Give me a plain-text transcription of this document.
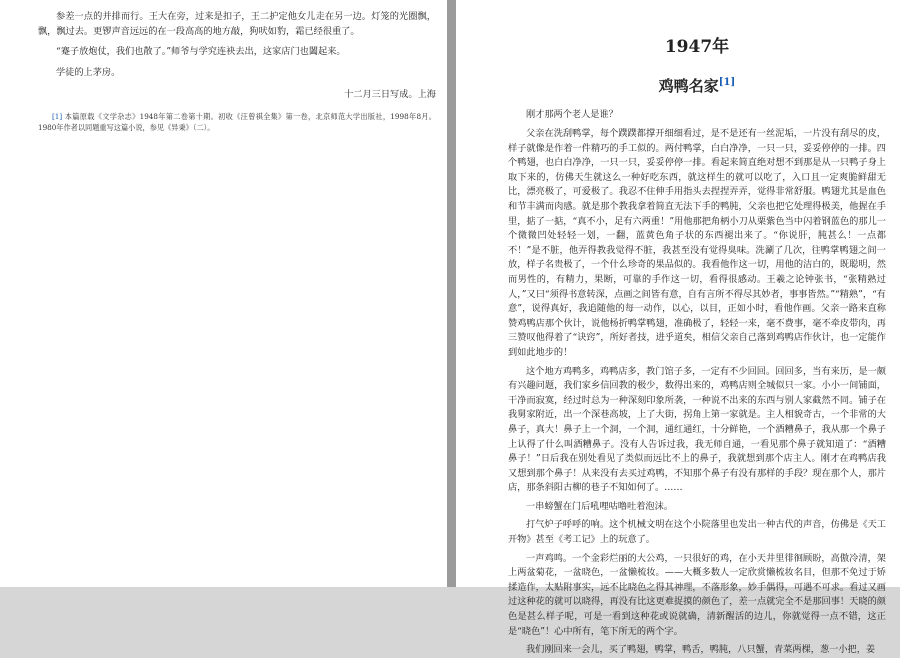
参差一点的并排而行。王大在旁，过来是扣子，王二护定他女儿走在另一边。灯笼的光圈飘，飘，飘过去。更锣声音远远的在一段高高的地方敲，狗吠如豹，霜已经很重了。

“蹇子放炮仗，我们也散了。”师爷与学究连袂去出，这家店门也闔起来。

学徒的上茅房。

十二月三日写成。上海

[1] 本篇原载《文学杂志》1948年第二卷第十期。初收《汪曾祺全集》第一卷，北京师范大学出版社，1998年8月。1980年作者以同题重写这篇小说，参见《异秉》（二）。

1947年
鸡鸭名家[1]

刚才那两个老人是谁？

父亲在洗刮鸭掌，每个蹼蹼都撑开细细看过，是不是还有一丝泥垢，一片没有刮尽的皮，样子就像是作着一件精巧的手工似的。两付鸭掌，白白净净，一只一只，妥妥停停的一排。四个鸭翅，也白白净净，一只一只，妥妥停停一排。看起来简直绝对想不到那是从一只鸭子身上取下来的，仿佛天生就这么一种好吃东西，就这样生的就可以吃了，入口且一定爽脆鲜甜无比，漂亮极了，可爱极了。我忍不住伸手用指头去捏捏弄弄，觉得非常舒服。鸭翅尤其是血色和节丰满而肉感。就是那个教我拿着简直无法下手的鸭肫，父亲也把它处理得极美，他握在手里，掂了一掂，“真不小，足有六两重！”用他那把角柄小刀从栗紫色当中闪着钢蓝色的那儿一个微微凹处轻轻一划，一翻，蓝黄色角子状的东西褪出来了。“你说肝，肫甚么！一点都不！”是不脏，他弄得教我觉得不脏，我甚至没有觉得臭味。洗涮了几次，往鸭掌鸭翅之间一放，样子名贵极了，一个什么珍奇的果品似的。我看他作这一切，用他的洁白的，既聪明，然而男性的，有精力，果断，可靠的手作这一切，看得很感动。王羲之论钟张书，“张精熟过人，”又曰“须得书意转深，点画之间皆有意，自有言所不得尽其妙者，事事皆然。”“精熟”，“有意”，说得真好，我追随他的每一动作，以心，以目，正如小时，看他作画。父亲一路来直称赞鸡鸭店那个伙计，说他杨折鸭掌鸭翅，准确极了，轻轻一来，毫不费事，毫不牵皮带肉，再三赞叹他得着了“诀窍”，所好者技，进乎道矣，相信父亲自己落到鸡鸭店作伙计，也一定能作到如此地步的！

这个地方鸡鸭多，鸡鸭店多，教门馆子多，一定有不少回回。回回多，当有来历，是一颇有兴趣问题，我们家乡信回教的极少，数得出来的，鸡鸭店则全城似只一家。小小一间铺面，干净而寂寞，经过时总为一种深刻印象所袭，一种说不出来的东西与别人家截然不同。铺子在我舅家附近，出一个深巷高坡，上了大街，拐角上第一家就是。主人相貌奇古，一个非常的大鼻子，真大！鼻子上一个洞，一个洞，通红通红，十分鲜艳，一个酒糟鼻子，我从那一个鼻子上认得了什么叫酒糟鼻子。没有人告诉过我，我无师自通，一看见那个鼻子就知道了：“酒糟鼻子！”日后我在别处看见了类似而远比不上的鼻子，我就想到那个店主人。刚才在鸡鸭店我又想到那个鼻子！从来没有去买过鸡鸭，不知那个鼻子有没有那样的手段？现在那个人，那片店，那条斜阳古柳的巷子不知如何了。……

一串螃蟹在门后吼哩咕噜吐着泡沫。

打气炉子呼呼的响。这个机械文明在这个小院落里也发出一种古代的声音，仿佛是《天工开物》甚至《考工记》上的玩意了。

一声鸡鸣。一个金彩烂丽的大公鸡，一只很好的鸡，在小天井里徘徊顾盼，高傲冷清，架上两盆菊花，一盆晓色，一盆懒梳妆。——大概多数人一定欣赏懒梳妆名目，但那不免过于矫揉造作，太贴附事实，远不比晓色之得其神理，不落形象，妙手偶得，可遇不可求。看过又画过这种花的就可以晓得，再没有比这更难捉摸的颜色了，差一点就完全不是那回事！天晓的颜色是甚么样子呢，可是一看到这种花或说就确，清新醒活的边儿，你就觉得一点不错，这正是“晓色”！心中所有，笔下所无的两个字。

我们刚回来一会儿，买了鸭翅，鸭掌，鸭舌，鸭肫，八只蟹，青菜两棵，葱一小把，姜
